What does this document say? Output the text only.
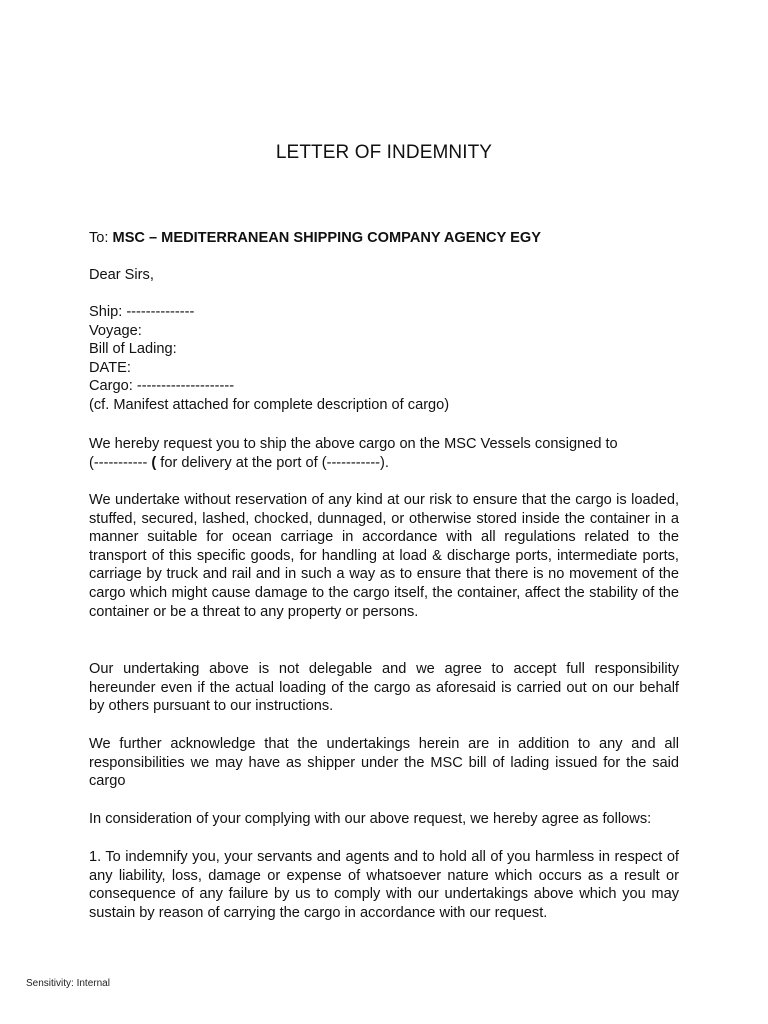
LETTER OF INDEMNITY
To: MSC – MEDITERRANEAN SHIPPING COMPANY AGENCY EGY
Dear Sirs,
Ship: --------------
Voyage:
Bill of Lading:
DATE:
Cargo: --------------------
(cf. Manifest attached for complete description of cargo)
We hereby request you to ship the above cargo on the MSC Vessels consigned to
(----------- ( for delivery at the port of (-----------).

We undertake without reservation of any kind at our risk to ensure that the cargo is loaded, stuffed, secured, lashed, chocked, dunnaged, or otherwise stored inside the container in a manner suitable for ocean carriage in accordance with all regulations related to the transport of this specific goods, for handling at load & discharge ports, intermediate ports, carriage by truck and rail and in such a way as to ensure that there is no movement of the cargo which might cause damage to the cargo itself, the container, affect the stability of the container or be a threat to any property or persons.

Our undertaking above is not delegable and we agree to accept full responsibility hereunder even if the actual loading of the cargo as aforesaid is carried out on our behalf by others pursuant to our instructions.

We further acknowledge that the undertakings herein are in addition to any and all responsibilities we may have as shipper under the MSC bill of lading issued for the said cargo

In consideration of your complying with our above request, we hereby agree as follows:

1. To indemnify you, your servants and agents and to hold all of you harmless in respect of any liability, loss, damage or expense of whatsoever nature which occurs as a result or consequence of any failure by us to comply with our undertakings above which you may sustain by reason of carrying the cargo in accordance with our request.

Sensitivity: Internal
